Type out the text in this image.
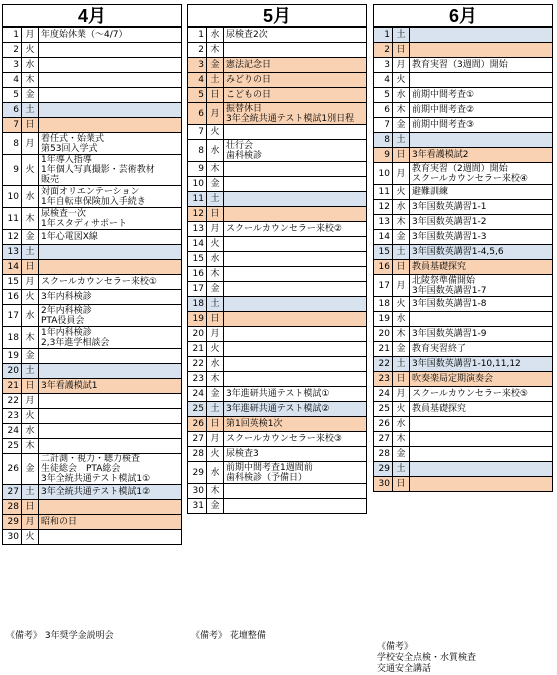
4月
1	月	年度始休業（～4/7）

2	火	
3	水	
4	木	
5	金	
6	土	
7	日	
8	月	着任式・始業式
第53回入学式

9	火	1年導入指導
1年個人写真撮影・芸術教材
販売

10	水	対面オリエンテーション
1年自転車保険加入手続き

11	木	尿検査一次
1年スタディサポート

12	金	1年心電図X線

13	土	
14	日	
15	月	スクールカウンセラー来校①

16	火	3年内科検診

17	水	2年内科検診
PTA役員会

18	木	1年内科検診
2,3年進学相談会

19	金	
20	土	
21	日	3年看護模試1

22	月	
23	火	
24	水	
25	木	
26	金	二計測・視力・聴力検査
生徒総会　PTA総会
3年全統共通テスト模試1①

27	土	3年全統共通テスト模試1②

28	日	
29	月	昭和の日

30	火	
5月
1	水	尿検査2次

2	木	
3	金	憲法記念日

4	土	みどりの日

5	日	こどもの日

6	月	振替休日
3年全統共通テスト模試1別日程

7	火	
8	水	壮行会
歯科検診

9	木	
10	金	
11	土	
12	日	
13	月	スクールカウンセラー来校②

14	火	
15	水	
16	木	
17	金	
18	土	
19	日	
20	月	
21	火	
22	水	
23	木	
24	金	3年進研共通テスト模試①

25	土	3年進研共通テスト模試②

26	日	第1回英検1次

27	月	スクールカウンセラー来校③

28	火	尿検査3

29	水	前期中間考査1週間前
歯科検診（予備日）

30	木	
31	金	
6月
1	土	
2	日	
3	月	教育実習（3週間）開始

4	火	
5	水	前期中間考査①

6	木	前期中間考査②

7	金	前期中間考査③

8	土	
9	日	3年看護模試2

10	月	教育実習（2週間）開始
スクールカウンセラー来校④

11	火	避難訓練

12	水	3年国数英講習1-1

13	木	3年国数英講習1-2

14	金	3年国数英講習1-3

15	土	3年国数英講習1-4,5,6

16	日	教員基礎探究

17	月	北陵祭準備開始
3年国数英講習1-7

18	火	3年国数英講習1-8

19	水	
20	木	3年国数英講習1-9

21	金	教育実習終了

22	土	3年国数英講習1-10,11,12

23	日	吹奏楽局定期演奏会

24	月	スクールカウンセラー来校⑤

25	火	教員基礎探究

26	水	
27	木	
28	金	
29	土	
30	日	
《備考》 3年奨学金説明会	《備考》 花壇整備

《備考》
学校安全点検・水質検査
交通安全講話
